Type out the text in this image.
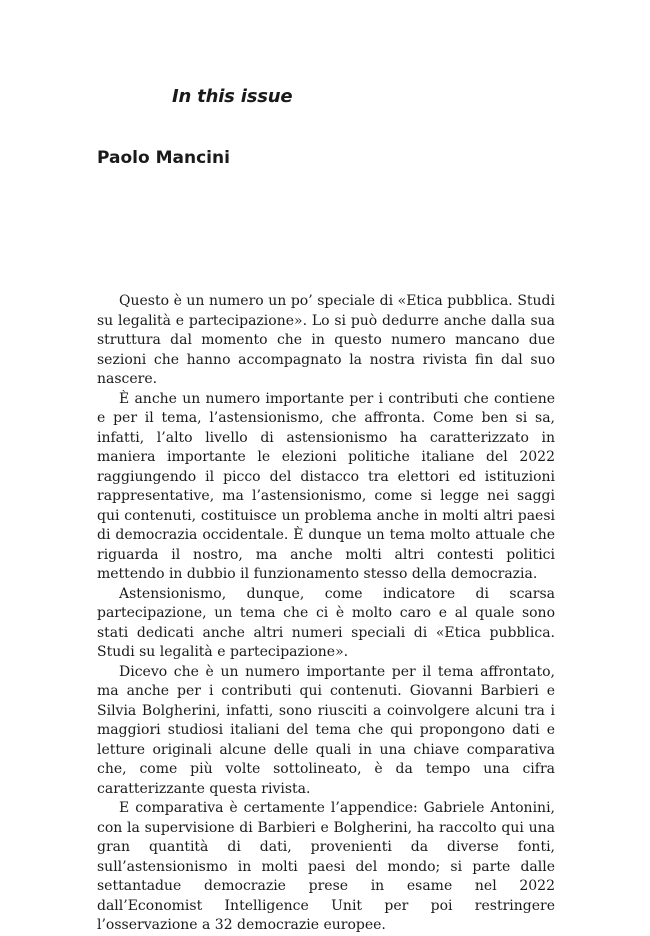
In this issue
Paolo Mancini

Questo è un numero un po’ speciale di «Etica pubblica. Studi su legalità e partecipazione». Lo si può dedurre anche dalla sua struttura dal momento che in questo numero mancano due sezioni che hanno accompagnato la nostra rivista fin dal suo nascere.

È anche un numero importante per i contributi che contiene e per il tema, l’astensionismo, che affronta. Come ben si sa, infatti, l’alto livello di astensionismo ha caratterizzato in maniera importante le elezioni politiche italiane del 2022 raggiungendo il picco del distacco tra elettori ed istituzioni rappresentative, ma l’astensionismo, come si legge nei saggi qui contenuti, costituisce un problema anche in molti altri paesi di democrazia occidentale. È dunque un tema molto attuale che riguarda il nostro, ma anche molti altri contesti politici mettendo in dubbio il funzionamento stesso della democrazia.

Astensionismo, dunque, come indicatore di scarsa partecipazione, un tema che ci è molto caro e al quale sono stati dedicati anche altri numeri speciali di «Etica pubblica. Studi su legalità e partecipazione».

Dicevo che è un numero importante per il tema affrontato, ma anche per i contributi qui contenuti. Giovanni Barbieri e Silvia Bolgherini, infatti, sono riusciti a coinvolgere alcuni tra i maggiori studiosi italiani del tema che qui propongono dati e letture originali alcune delle quali in una chiave comparativa che, come più volte sottolineato, è da tempo una cifra caratterizzante questa rivista.

E comparativa è certamente l’appendice: Gabriele Antonini, con la supervisione di Barbieri e Bolgherini, ha raccolto qui una gran quantità di dati, provenienti da diverse fonti, sull’astensionismo in molti paesi del mondo; si parte dalle settantadue democrazie prese in esame nel 2022 dall’Economist Intelligence Unit per poi restringere l’osservazione a 32 democrazie europee.
